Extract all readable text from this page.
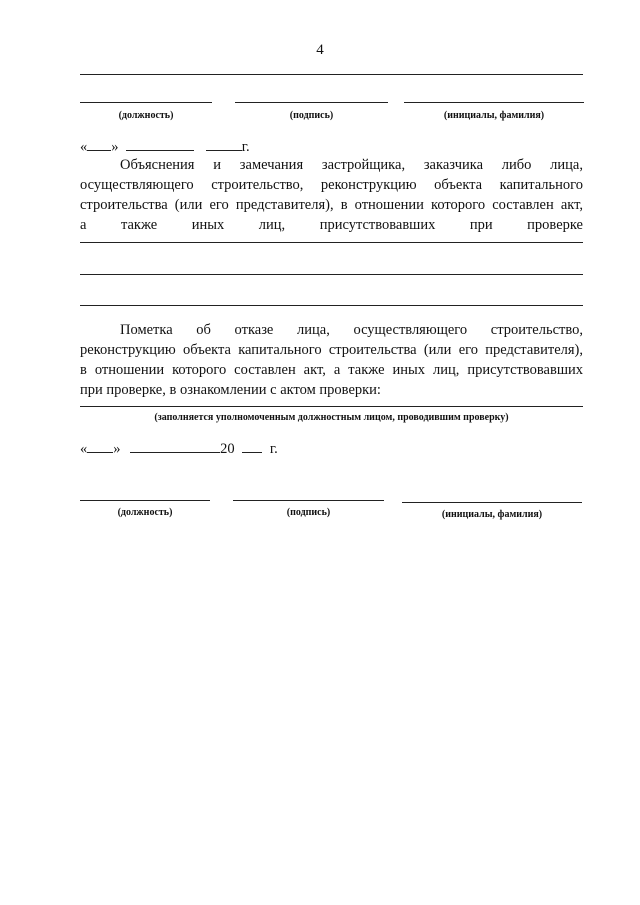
4
(должность)	(подпись)	(инициалы, фамилия)
« »	г.
Объяснения и замечания застройщика, заказчика либо лица,
осуществляющего строительство, реконструкцию объекта капитального
строительства (или его представителя), в отношении которого составлен акт,
а также иных лиц, присутствовавших при проверке
Пометка об отказе лица, осуществляющего строительство,
реконструкцию объекта капитального строительства (или его представителя),
в отношении которого составлен акт, а также иных лиц, присутствовавших
при проверке, в ознакомлении с актом проверки:
(заполняется уполномоченным должностным лицом, проводившим проверку)
« »	20 г.
(должность)	(подпись)	(инициалы, фамилия)
